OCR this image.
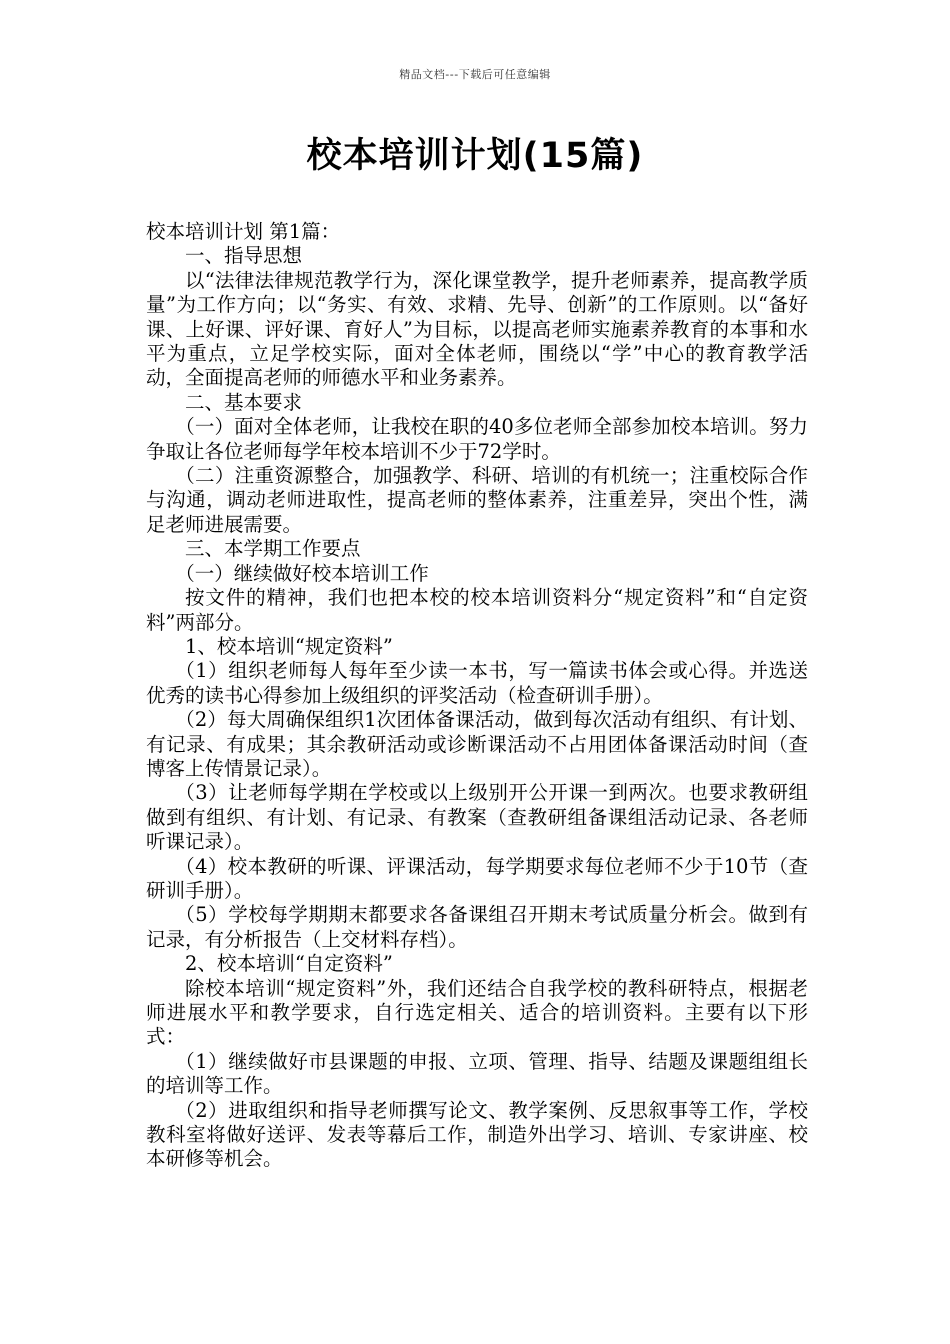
精品文档---下载后可任意编辑
校本培训计划(15篇)

校本培训计划 第1篇：

一、指导思想

以“法律法律规范教学行为，深化课堂教学，提升老师素养，提高教学质量”为工作方向；以“务实、有效、求精、先导、创新”的工作原则。以“备好课、上好课、评好课、育好人”为目标，以提高老师实施素养教育的本事和水平为重点，立足学校实际，面对全体老师，围绕以“学”中心的教育教学活动，全面提高老师的师德水平和业务素养。

二、基本要求

（一）面对全体老师，让我校在职的40多位老师全部参加校本培训。努力争取让各位老师每学年校本培训不少于72学时。

（二）注重资源整合，加强教学、科研、培训的有机统一；注重校际合作与沟通，调动老师进取性，提高老师的整体素养，注重差异，突出个性，满足老师进展需要。

三、本学期工作要点

（一）继续做好校本培训工作

按文件的精神，我们也把本校的校本培训资料分“规定资料”和“自定资料”两部分。

1、校本培训“规定资料”

（1）组织老师每人每年至少读一本书，写一篇读书体会或心得。并选送优秀的读书心得参加上级组织的评奖活动（检查研训手册）。

（2）每大周确保组织1次团体备课活动，做到每次活动有组织、有计划、有记录、有成果；其余教研活动或诊断课活动不占用团体备课活动时间（查博客上传情景记录）。

（3）让老师每学期在学校或以上级别开公开课一到两次。也要求教研组做到有组织、有计划、有记录、有教案（查教研组备课组活动记录、各老师听课记录）。

（4）校本教研的听课、评课活动，每学期要求每位老师不少于10节（查研训手册）。

（5）学校每学期期末都要求各备课组召开期末考试质量分析会。做到有记录，有分析报告（上交材料存档）。

2、校本培训“自定资料”

除校本培训“规定资料”外，我们还结合自我学校的教科研特点，根据老师进展水平和教学要求，自行选定相关、适合的培训资料。主要有以下形式：

（1）继续做好市县课题的申报、立项、管理、指导、结题及课题组组长的培训等工作。

（2）进取组织和指导老师撰写论文、教学案例、反思叙事等工作，学校教科室将做好送评、发表等幕后工作，制造外出学习、培训、专家讲座、校本研修等机会。
